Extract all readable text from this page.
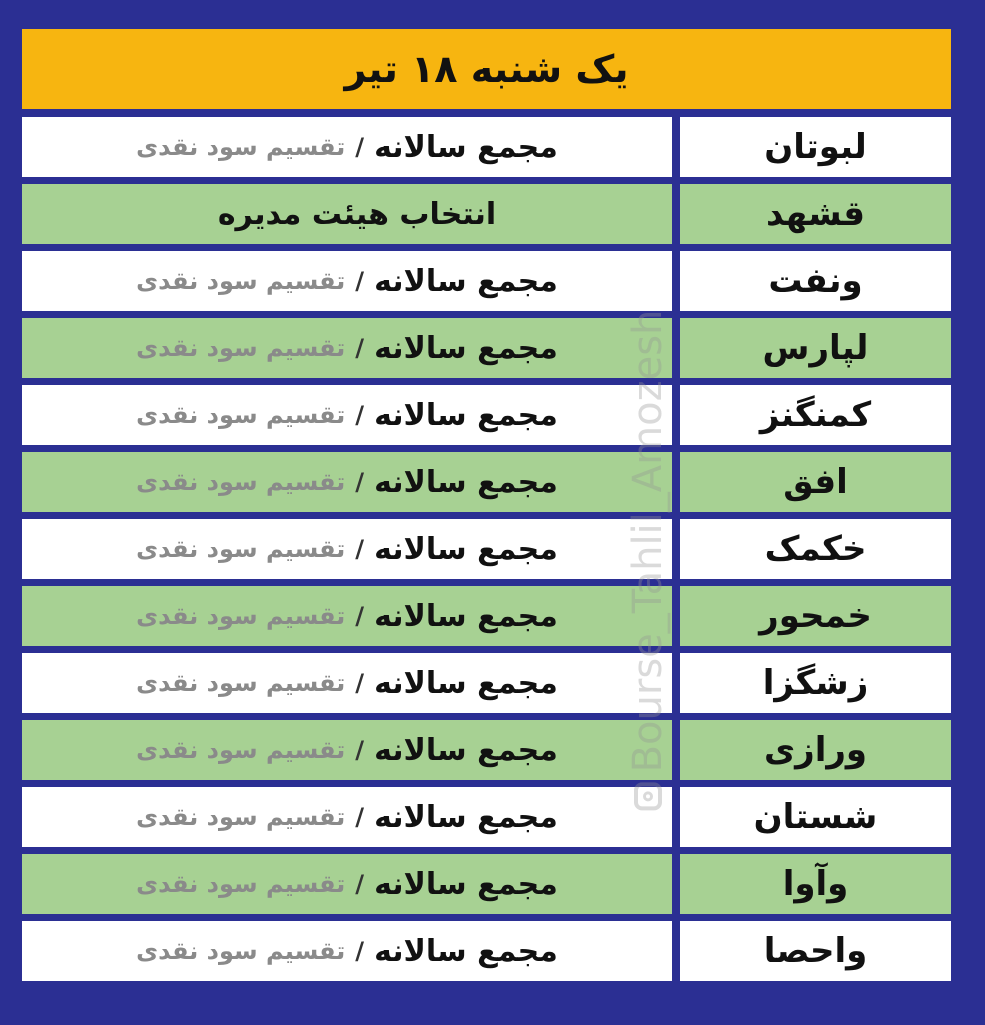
یک شنبه ۱۸ تیر
لبوتان
مجمع سالانه
/
تقسیم سود نقدی
قشهد
انتخاب هیئت مدیره
ونفت
مجمع سالانه
/
تقسیم سود نقدی
لپارس
مجمع سالانه
/
تقسیم سود نقدی
کمنگنز
مجمع سالانه
/
تقسیم سود نقدی
افق
مجمع سالانه
/
تقسیم سود نقدی
خکمک
مجمع سالانه
/
تقسیم سود نقدی
خمحور
مجمع سالانه
/
تقسیم سود نقدی
زشگزا
مجمع سالانه
/
تقسیم سود نقدی
ورازی
مجمع سالانه
/
تقسیم سود نقدی
شستان
مجمع سالانه
/
تقسیم سود نقدی
وآوا
مجمع سالانه
/
تقسیم سود نقدی
واحصا
مجمع سالانه
/
تقسیم سود نقدی
Bourse_Tahlil_Amozesh
